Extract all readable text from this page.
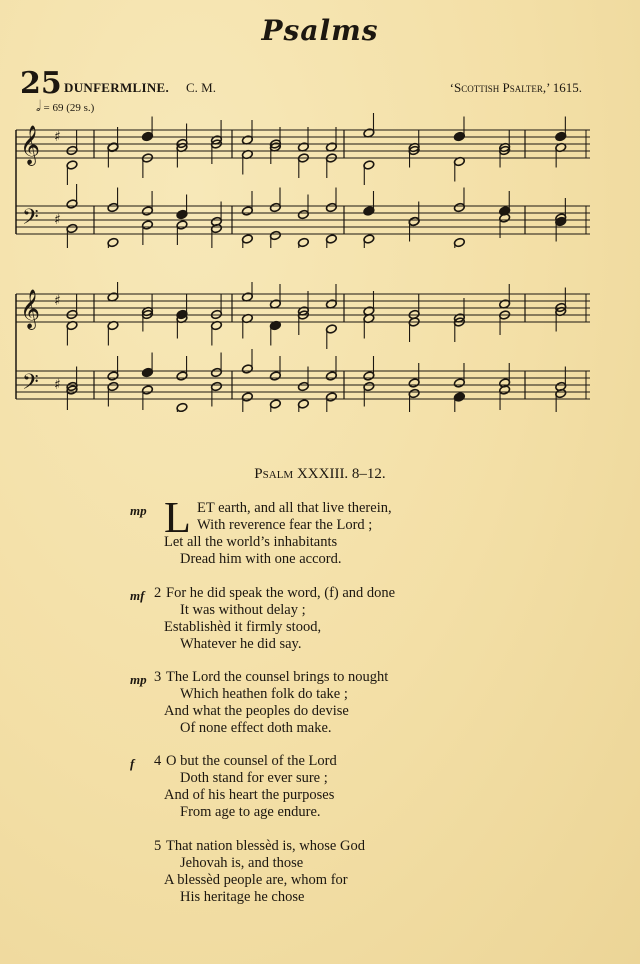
Psalms
25 DUNFERMLINE. C. M.	‘Scottish Psalter,’ 1615.
𝅗𝅥 = 69 (29 s.)
𝄞
𝄢
♯
♯
𝄞
𝄢
♯
♯
Psalm XXXIII. 8–12.
L
mp	ET earth, and all that live therein,
With reverence fear the Lord ;
Let all the world’s inhabitants
Dread him with one accord.
mf 2 For he did speak the word, (f) and done
It was without delay ;
Establishèd it firmly stood,
Whatever he did say.
mp 3 The Lord the counsel brings to nought
Which heathen folk do take ;
And what the peoples do devise
Of none effect doth make.
f 4 O but the counsel of the Lord
Doth stand for ever sure ;
And of his heart the purposes
From age to age endure.
5 That nation blessèd is, whose God
Jehovah is, and those
A blessèd people are, whom for
His heritage he chose
